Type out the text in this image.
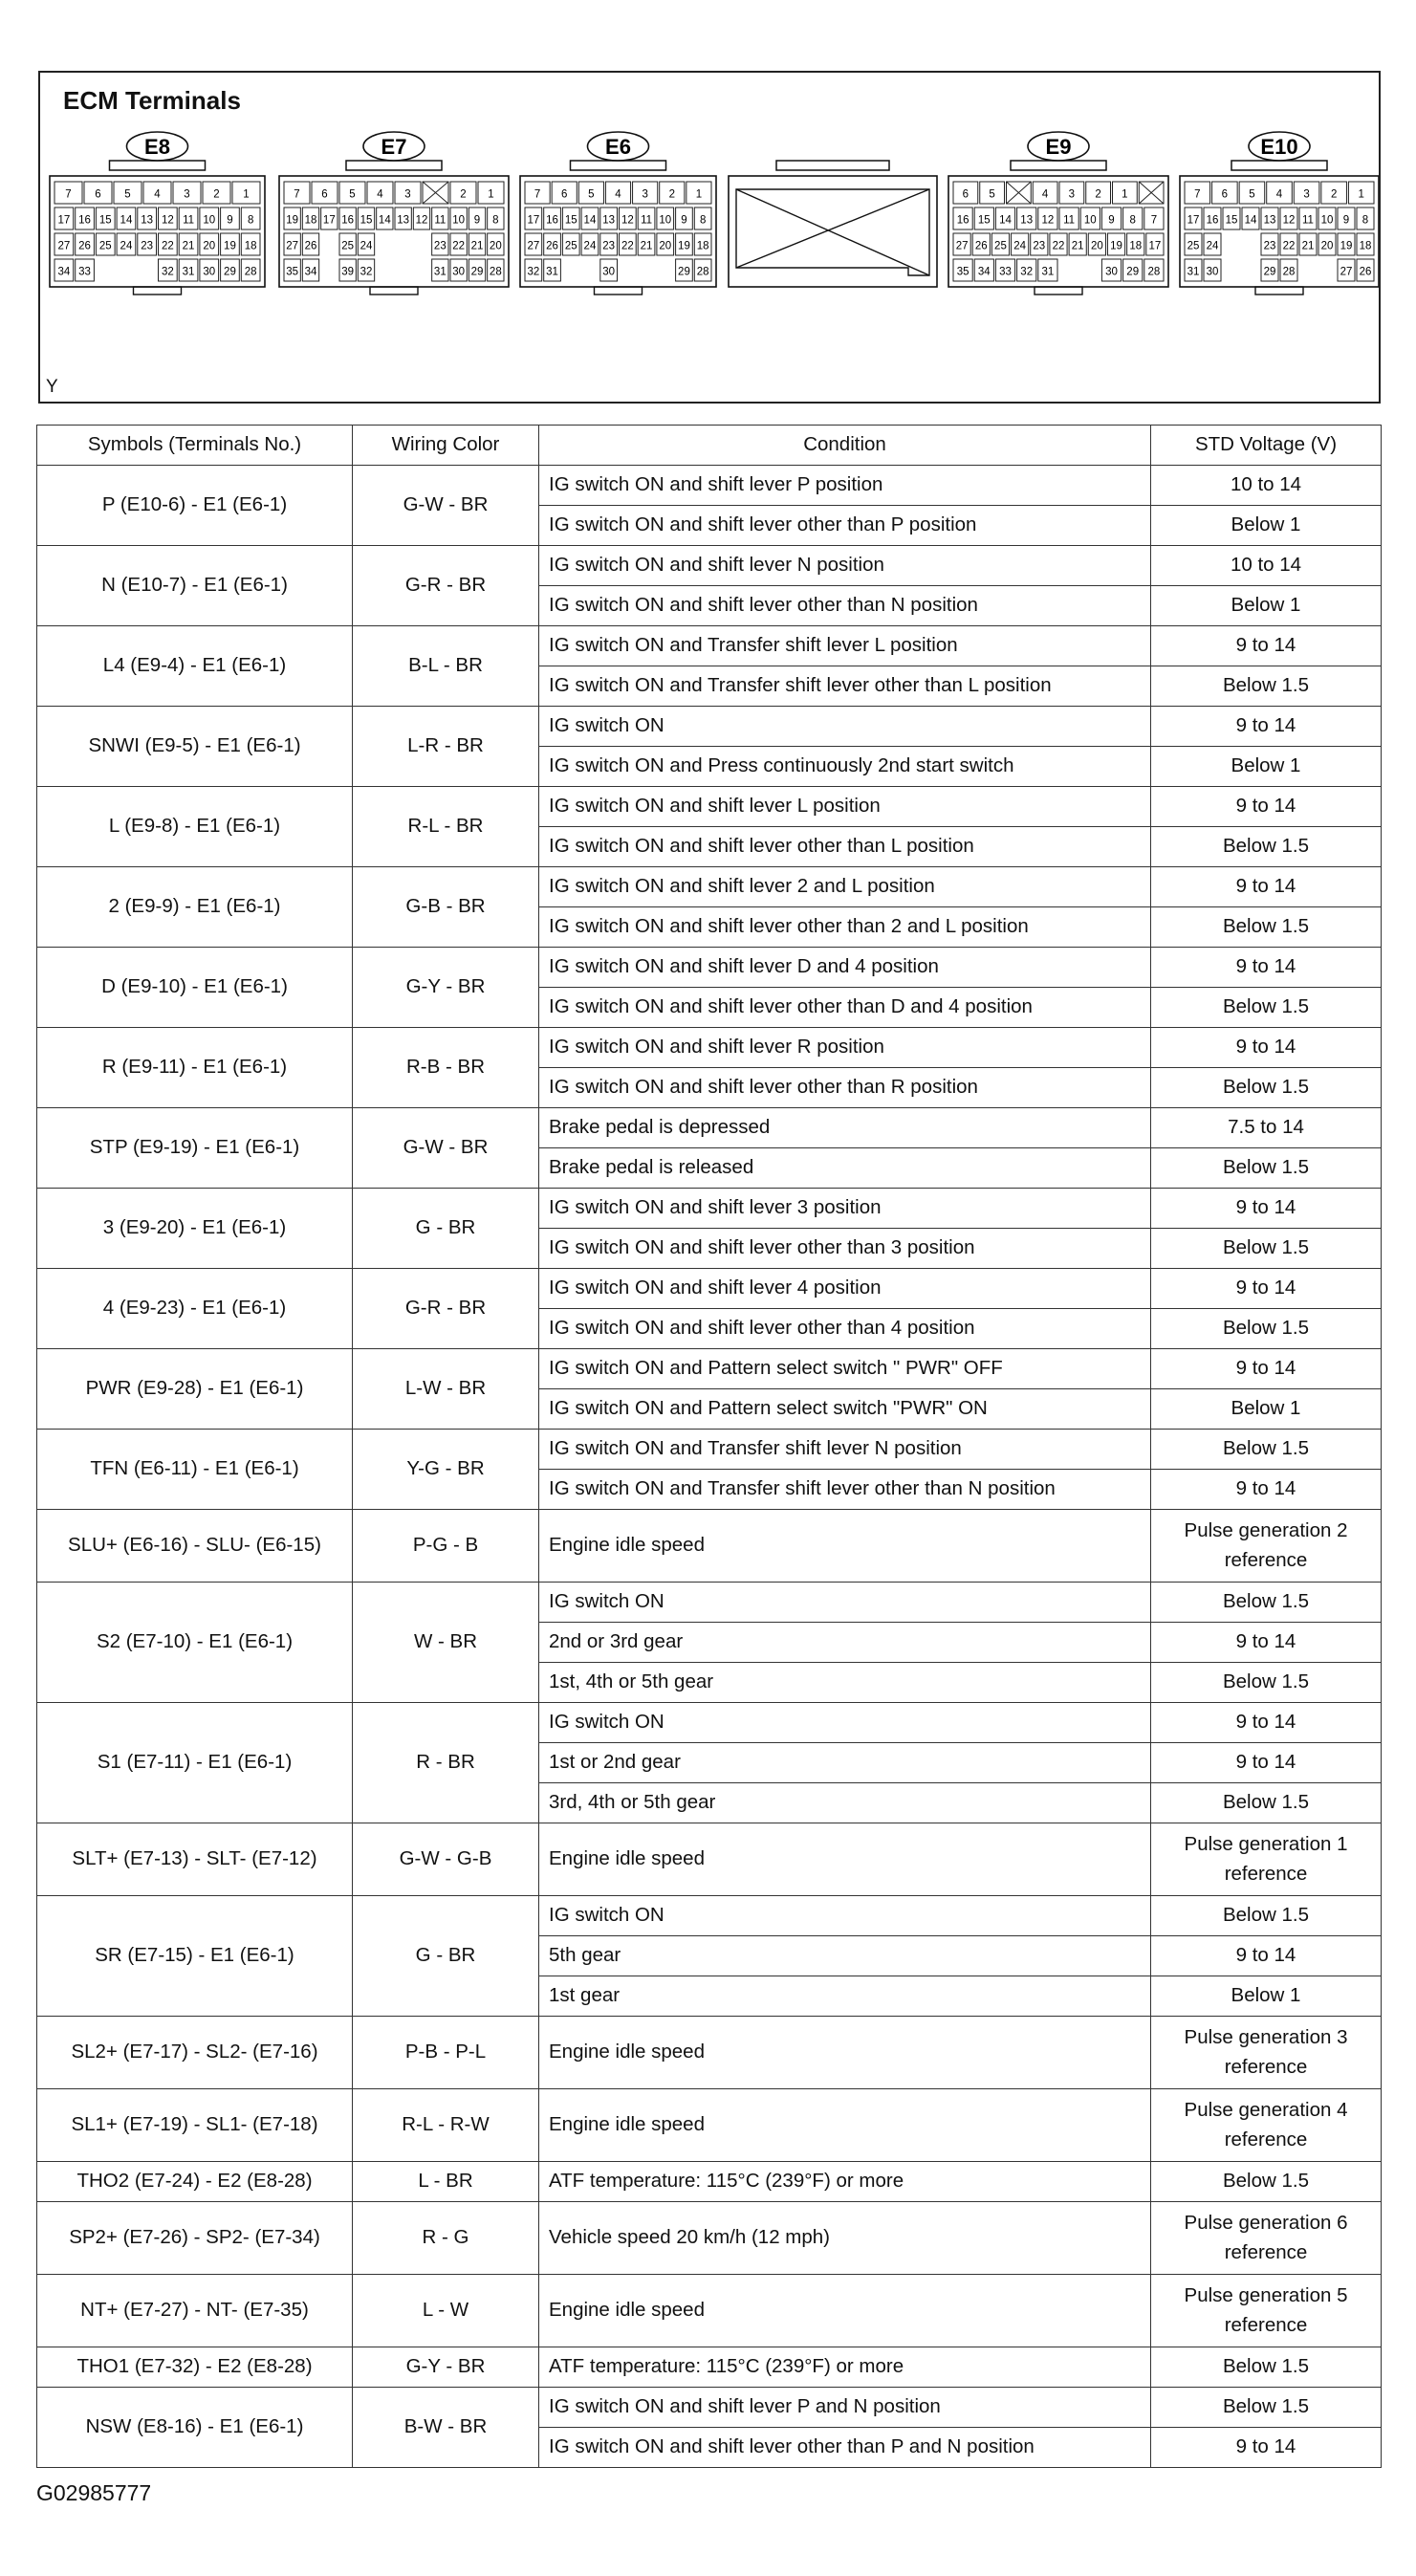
ECM Terminals
E8
7 6 5 4 3 2 1
17 16 15 14 13 12 11 10 9 8
27 26 25 24 23 22 21 20 19 18
34 33	32 31 30 29 28
E7
7 6 5 4 3	2 1
19 18 17 16 15 14 13 12 11 10 9 8
27 26 25 24	23 22 21 20
35 34 39 32	31 30 29 28
E6
7 6 5 4 3 2 1
17 16 15 14 13 12 11 10 9 8
27 26 25 24 23 22 21 20 19 18
32 31	30	29 28
E9
6 5	4 3 2 1
16 15 14 13 12 11 10 9 8 7
27 26 25 24 23 22 21 20 19 18 17
35 34 33 32 31	30 29 28
E10
7 6 5 4 3 2 1
17 16 15 14 13 12 11 10 9 8
25 24	23 22 21 20 19 18
31 30	29 28	27 26
Y
Symbols (Terminals No.)	Wiring Color	Condition	STD Voltage (V)
P (E10-6) - E1 (E6-1)	G-W - BR	IG switch ON and shift lever P position	10 to 14
		IG switch ON and shift lever other than P position	Below 1
N (E10-7) - E1 (E6-1)	G-R - BR	IG switch ON and shift lever N position	10 to 14
		IG switch ON and shift lever other than N position	Below 1
L4 (E9-4) - E1 (E6-1)	B-L - BR	IG switch ON and Transfer shift lever L position	9 to 14
		IG switch ON and Transfer shift lever other than L position	Below 1.5
SNWI (E9-5) - E1 (E6-1)	L-R - BR	IG switch ON	9 to 14
		IG switch ON and Press continuously 2nd start switch	Below 1
L (E9-8) - E1 (E6-1)	R-L - BR	IG switch ON and shift lever L position	9 to 14
		IG switch ON and shift lever other than L position	Below 1.5
2 (E9-9) - E1 (E6-1)	G-B - BR	IG switch ON and shift lever 2 and L position	9 to 14
		IG switch ON and shift lever other than 2 and L position	Below 1.5
D (E9-10) - E1 (E6-1)	G-Y - BR	IG switch ON and shift lever D and 4 position	9 to 14
		IG switch ON and shift lever other than D and 4 position	Below 1.5
R (E9-11) - E1 (E6-1)	R-B - BR	IG switch ON and shift lever R position	9 to 14
		IG switch ON and shift lever other than R position	Below 1.5
STP (E9-19) - E1 (E6-1)	G-W - BR	Brake pedal is depressed	7.5 to 14
		Brake pedal is released	Below 1.5
3 (E9-20) - E1 (E6-1)	G - BR	IG switch ON and shift lever 3 position	9 to 14
		IG switch ON and shift lever other than 3 position	Below 1.5
4 (E9-23) - E1 (E6-1)	G-R - BR	IG switch ON and shift lever 4 position	9 to 14
		IG switch ON and shift lever other than 4 position	Below 1.5
PWR (E9-28) - E1 (E6-1)	L-W - BR	IG switch ON and Pattern select switch " PWR" OFF	9 to 14
		IG switch ON and Pattern select switch "PWR" ON	Below 1
TFN (E6-11) - E1 (E6-1)	Y-G - BR	IG switch ON and Transfer shift lever N position	Below 1.5
		IG switch ON and Transfer shift lever other than N position	9 to 14
SLU+ (E6-16) - SLU- (E6-15)	P-G - B	Engine idle speed	Pulse generation 2 reference
S2 (E7-10) - E1 (E6-1)	W - BR	IG switch ON	Below 1.5
		2nd or 3rd gear	9 to 14
		1st, 4th or 5th gear	Below 1.5
S1 (E7-11) - E1 (E6-1)	R - BR	IG switch ON	9 to 14
		1st or 2nd gear	9 to 14
		3rd, 4th or 5th gear	Below 1.5
SLT+ (E7-13) - SLT- (E7-12)	G-W - G-B	Engine idle speed	Pulse generation 1 reference
SR (E7-15) - E1 (E6-1)	G - BR	IG switch ON	Below 1.5
		5th gear	9 to 14
		1st gear	Below 1
SL2+ (E7-17) - SL2- (E7-16)	P-B - P-L	Engine idle speed	Pulse generation 3 reference
SL1+ (E7-19) - SL1- (E7-18)	R-L - R-W	Engine idle speed	Pulse generation 4 reference
THO2 (E7-24) - E2 (E8-28)	L - BR	ATF temperature: 115°C (239°F) or more	Below 1.5
SP2+ (E7-26) - SP2- (E7-34)	R - G	Vehicle speed 20 km/h (12 mph)	Pulse generation 6 reference
NT+ (E7-27) - NT- (E7-35)	L - W	Engine idle speed	Pulse generation 5 reference
THO1 (E7-32) - E2 (E8-28)	G-Y - BR	ATF temperature: 115°C (239°F) or more	Below 1.5
NSW (E8-16) - E1 (E6-1)	B-W - BR	IG switch ON and shift lever P and N position	Below 1.5
		IG switch ON and shift lever other than P and N position	9 to 14
G02985777
